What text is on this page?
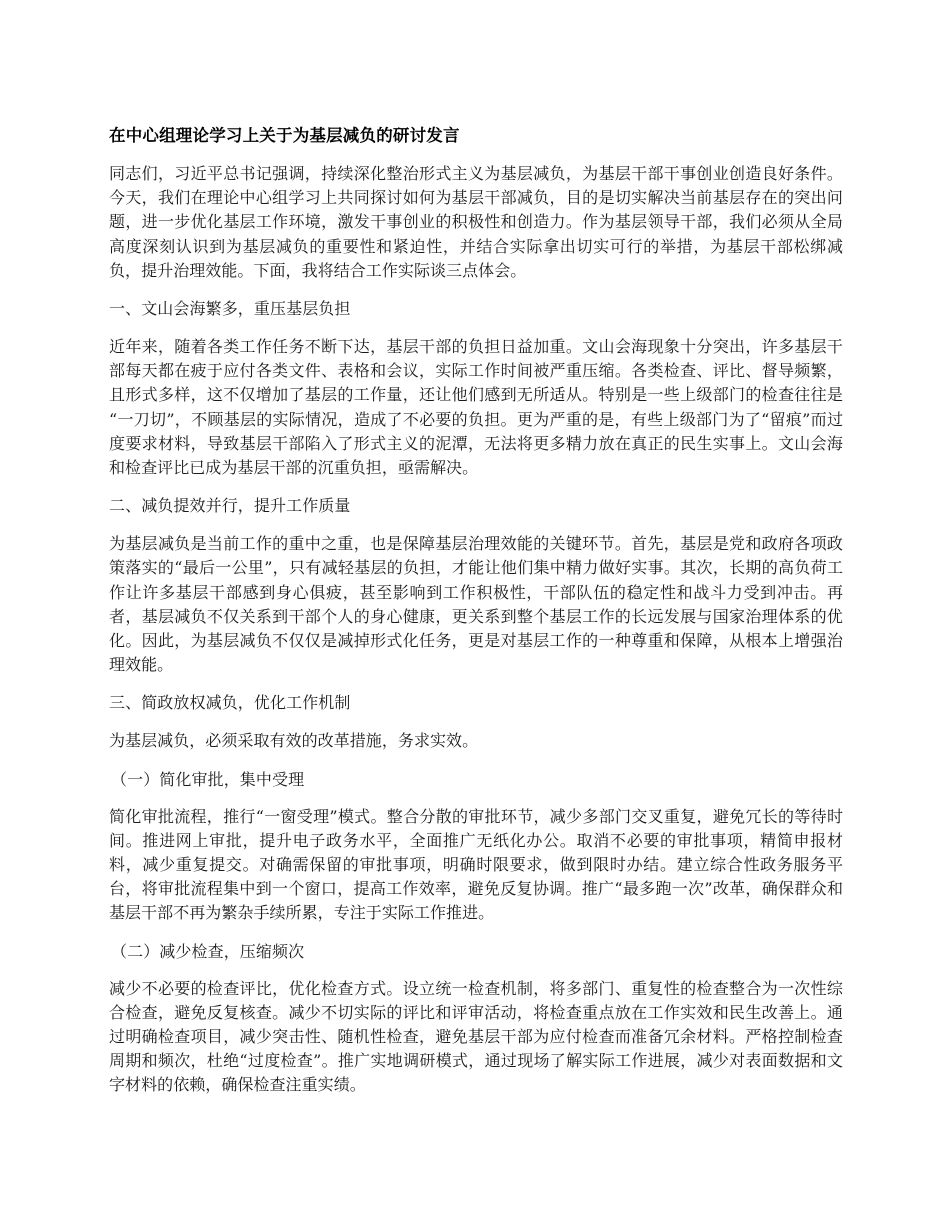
在中心组理论学习上关于为基层减负的研讨发言

同志们，习近平总书记强调，持续深化整治形式主义为基层减负，为基层干部干事创业创造良好条件。今天，我们在理论中心组学习上共同探讨如何为基层干部减负，目的是切实解决当前基层存在的突出问题，进一步优化基层工作环境，激发干事创业的积极性和创造力。作为基层领导干部，我们必须从全局高度深刻认识到为基层减负的重要性和紧迫性，并结合实际拿出切实可行的举措，为基层干部松绑减负，提升治理效能。下面，我将结合工作实际谈三点体会。

一、文山会海繁多，重压基层负担

近年来，随着各类工作任务不断下达，基层干部的负担日益加重。文山会海现象十分突出，许多基层干部每天都在疲于应付各类文件、表格和会议，实际工作时间被严重压缩。各类检查、评比、督导频繁，且形式多样，这不仅增加了基层的工作量，还让他们感到无所适从。特别是一些上级部门的检查往往是“一刀切”，不顾基层的实际情况，造成了不必要的负担。更为严重的是，有些上级部门为了“留痕”而过度要求材料，导致基层干部陷入了形式主义的泥潭，无法将更多精力放在真正的民生实事上。文山会海和检查评比已成为基层干部的沉重负担，亟需解决。

二、减负提效并行，提升工作质量

为基层减负是当前工作的重中之重，也是保障基层治理效能的关键环节。首先，基层是党和政府各项政策落实的“最后一公里”，只有减轻基层的负担，才能让他们集中精力做好实事。其次，长期的高负荷工作让许多基层干部感到身心俱疲，甚至影响到工作积极性，干部队伍的稳定性和战斗力受到冲击。再者，基层减负不仅关系到干部个人的身心健康，更关系到整个基层工作的长远发展与国家治理体系的优化。因此，为基层减负不仅仅是减掉形式化任务，更是对基层工作的一种尊重和保障，从根本上增强治理效能。

三、简政放权减负，优化工作机制

为基层减负，必须采取有效的改革措施，务求实效。

（一）简化审批，集中受理

简化审批流程，推行“一窗受理”模式。整合分散的审批环节，减少多部门交叉重复，避免冗长的等待时间。推进网上审批，提升电子政务水平，全面推广无纸化办公。取消不必要的审批事项，精简申报材料，减少重复提交。对确需保留的审批事项，明确时限要求，做到限时办结。建立综合性政务服务平台，将审批流程集中到一个窗口，提高工作效率，避免反复协调。推广“最多跑一次”改革，确保群众和基层干部不再为繁杂手续所累，专注于实际工作推进。

（二）减少检查，压缩频次

减少不必要的检查评比，优化检查方式。设立统一检查机制，将多部门、重复性的检查整合为一次性综合检查，避免反复核查。减少不切实际的评比和评审活动，将检查重点放在工作实效和民生改善上。通过明确检查项目，减少突击性、随机性检查，避免基层干部为应付检查而准备冗余材料。严格控制检查周期和频次，杜绝“过度检查”。推广实地调研模式，通过现场了解实际工作进展，减少对表面数据和文字材料的依赖，确保检查注重实绩。
